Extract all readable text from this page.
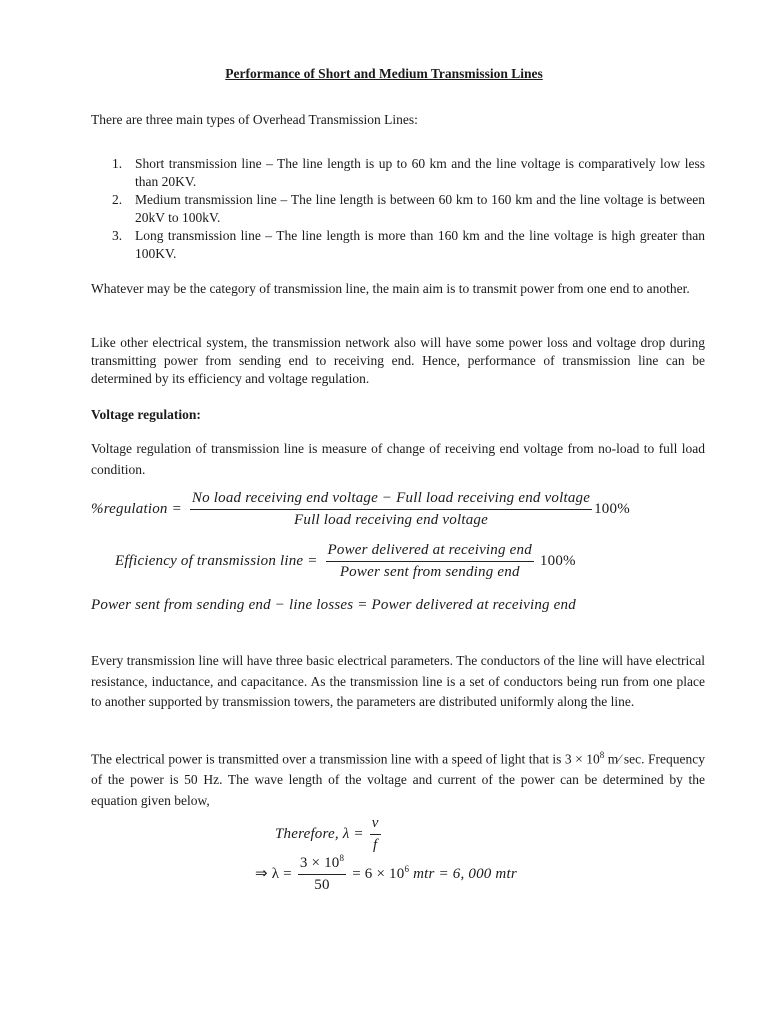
Performance of Short and Medium Transmission Lines
There are three main types of Overhead Transmission Lines:
1. Short transmission line – The line length is up to 60 km and the line voltage is comparatively low less than 20KV.
2. Medium transmission line – The line length is between 60 km to 160 km and the line voltage is between 20kV to 100kV.
3. Long transmission line – The line length is more than 160 km and the line voltage is high greater than 100KV.
Whatever may be the category of transmission line, the main aim is to transmit power from one end to another.
Like other electrical system, the transmission network also will have some power loss and voltage drop during transmitting power from sending end to receiving end. Hence, performance of transmission line can be determined by its efficiency and voltage regulation.
Voltage regulation:
Voltage regulation of transmission line is measure of change of receiving end voltage from no-load to full load condition.
%regulation =
No load receiving end voltage − Full load receiving end voltage
Full load receiving end voltage
100%
Efficiency of transmission line = $\frac{\text{Power delivered at receiving end}}{\text{Power sent from sending end}} 100\%$
Power sent from sending end − line losses = Power delivered at receiving end
Every transmission line will have three basic electrical parameters. The conductors of the line will have electrical resistance, inductance, and capacitance. As the transmission line is a set of conductors being run from one place to another supported by transmission towers, the parameters are distributed uniformly along the line.
The electrical power is transmitted over a transmission line with a speed of light that is $3 \times 10^8$ m⁄ sec. Frequency of the power is 50 Hz. The wave length of the voltage and current of the power can be determined by the equation given below,
Therefore, $\lambda = \frac{v}{f}$
⇒ $\lambda = \frac{3 \times 10^8}{50} = 6 \times 10^6$ mtr = 6, 000 mtr
